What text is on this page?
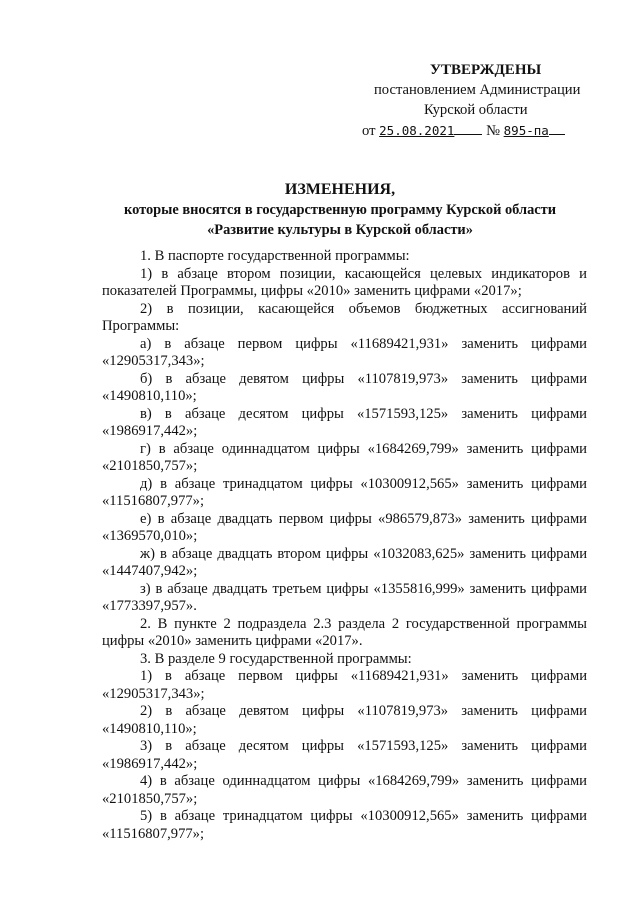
УТВЕРЖДЕНЫ
постановлением Администрации
Курской области
от 25.08.2021 № 895-па
ИЗМЕНЕНИЯ,
которые вносятся в государственную программу Курской области
«Развитие культуры в Курской области»

1. В паспорте государственной программы:

1) в абзаце втором позиции, касающейся целевых индикаторов и показателей Программы, цифры «2010» заменить цифрами «2017»;

2) в позиции, касающейся объемов бюджетных ассигнований Программы:

а) в абзаце первом цифры «11689421,931» заменить цифрами «12905317,343»;

б) в абзаце девятом цифры «1107819,973» заменить цифрами «1490810,110»;

в) в абзаце десятом цифры «1571593,125» заменить цифрами «1986917,442»;

г) в абзаце одиннадцатом цифры «1684269,799» заменить цифрами «2101850,757»;

д) в абзаце тринадцатом цифры «10300912,565» заменить цифрами «11516807,977»;

е) в абзаце двадцать первом цифры «986579,873» заменить цифрами «1369570,010»;

ж) в абзаце двадцать втором цифры «1032083,625» заменить цифрами «1447407,942»;

з) в абзаце двадцать третьем цифры «1355816,999» заменить цифрами «1773397,957».

2. В пункте 2 подраздела 2.3 раздела 2 государственной программы цифры «2010» заменить цифрами «2017».

3. В разделе 9 государственной программы:

1) в абзаце первом цифры «11689421,931» заменить цифрами «12905317,343»;

2) в абзаце девятом цифры «1107819,973» заменить цифрами «1490810,110»;

3) в абзаце десятом цифры «1571593,125» заменить цифрами «1986917,442»;

4) в абзаце одиннадцатом цифры «1684269,799» заменить цифрами «2101850,757»;

5) в абзаце тринадцатом цифры «10300912,565» заменить цифрами «11516807,977»;
